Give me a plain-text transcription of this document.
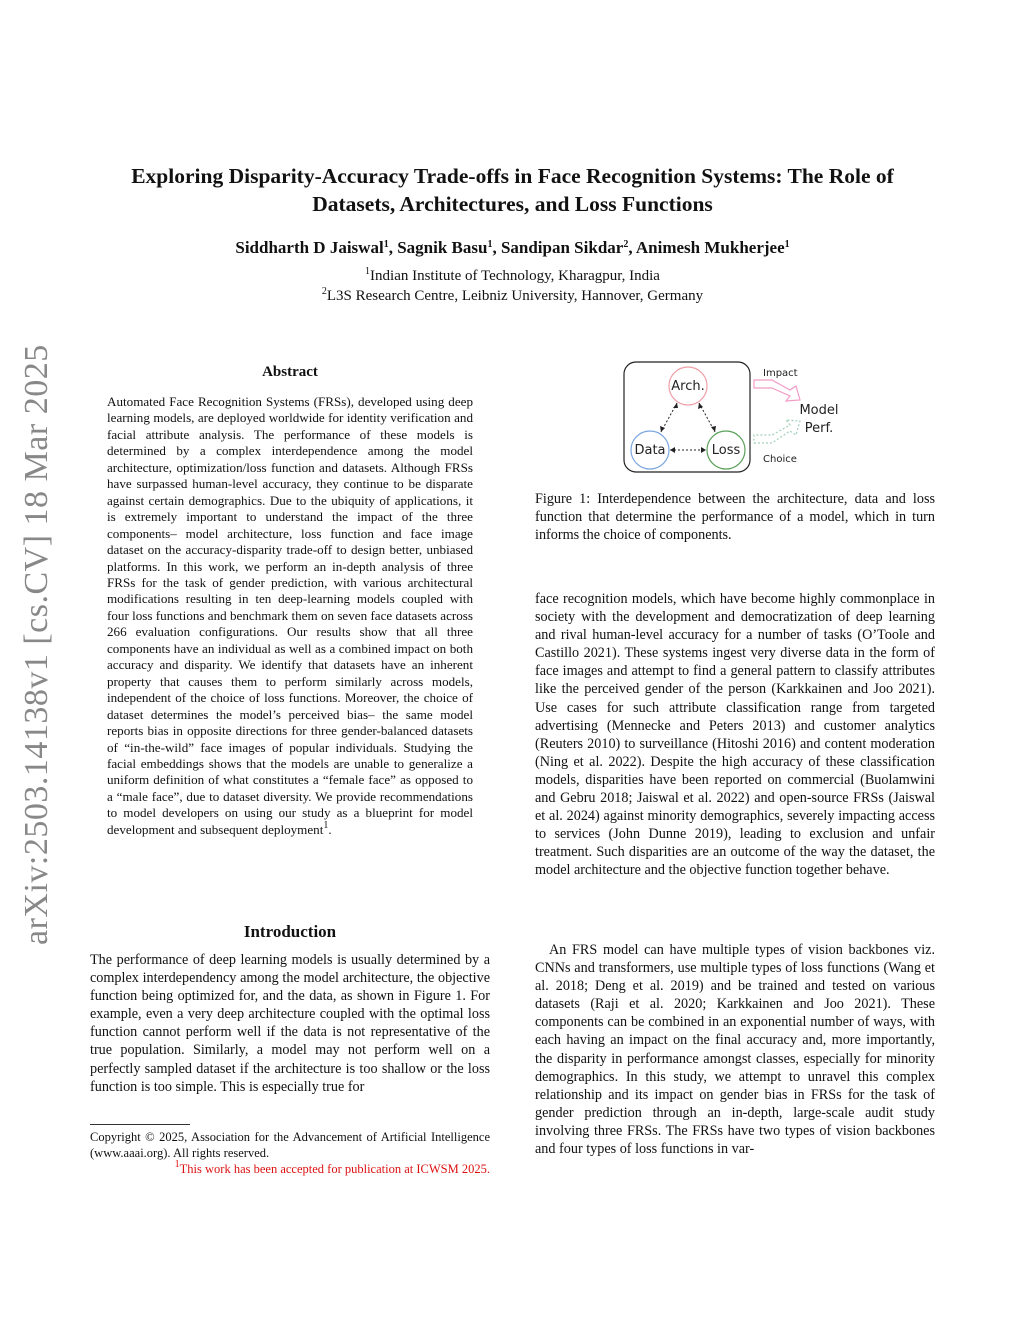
arXiv:2503.14138v1 [cs.CV] 18 Mar 2025
Exploring Disparity-Accuracy Trade-offs in Face Recognition Systems: The Role of Datasets, Architectures, and Loss Functions
Siddharth D Jaiswal$^1$, Sagnik Basu$^1$, Sandipan Sikdar$^2$, Animesh Mukherjee$^1$
$^1$Indian Institute of Technology, Kharagpur, India
$^2$L3S Research Centre, Leibniz University, Hannover, Germany
Abstract

Automated Face Recognition Systems (FRSs), developed using deep learning models, are deployed worldwide for identity verification and facial attribute analysis. The performance of these models is determined by a complex interdependence among the model architecture, optimization/loss function and datasets. Although FRSs have surpassed human-level accuracy, they continue to be disparate against certain demographics. Due to the ubiquity of applications, it is extremely important to understand the impact of the three components– model architecture, loss function and face image dataset on the accuracy-disparity trade-off to design better, unbiased platforms. In this work, we perform an in-depth analysis of three FRSs for the task of gender prediction, with various architectural modifications resulting in ten deep-learning models coupled with four loss functions and benchmark them on seven face datasets across 266 evaluation configurations. Our results show that all three components have an individual as well as a combined impact on both accuracy and disparity. We identify that datasets have an inherent property that causes them to perform similarly across models, independent of the choice of loss functions. Moreover, the choice of dataset determines the model’s perceived bias– the same model reports bias in opposite directions for three gender-balanced datasets of “in-the-wild” face images of popular individuals. Studying the facial embeddings shows that the models are unable to generalize a uniform definition of what constitutes a “female face” as opposed to a “male face”, due to dataset diversity. We provide recommendations to model developers on using our study as a blueprint for model development and subsequent deployment$^1$.

Introduction

The performance of deep learning models is usually determined by a complex interdependency among the model architecture, the objective function being optimized for, and the data, as shown in Figure 1. For example, even a very deep architecture coupled with the optimal loss function cannot perform well if the data is not representative of the true population. Similarly, a model may not perform well on a perfectly sampled dataset if the architecture is too shallow or the loss function is too simple. This is especially true for

Copyright © 2025, Association for the Advancement of Artificial Intelligence (www.aaai.org). All rights reserved.

$^1$This work has been accepted for publication at ICWSM 2025.

Arch.
Data	Loss
Impact
Choice
Model
Perf.

Figure 1: Interdependence between the architecture, data and loss function that determine the performance of a model, which in turn informs the choice of components.

face recognition models, which have become highly commonplace in society with the development and democratization of deep learning and rival human-level accuracy for a number of tasks (O’Toole and Castillo 2021). These systems ingest very diverse data in the form of face images and attempt to find a general pattern to classify attributes like the perceived gender of the person (Karkkainen and Joo 2021). Use cases for such attribute classification range from targeted advertising (Mennecke and Peters 2013) and customer analytics (Reuters 2010) to surveillance (Hitoshi 2016) and content moderation (Ning et al. 2022). Despite the high accuracy of these classification models, disparities have been reported on commercial (Buolamwini and Gebru 2018; Jaiswal et al. 2022) and open-source FRSs (Jaiswal et al. 2024) against minority demographics, severely impacting access to services (John Dunne 2019), leading to exclusion and unfair treatment. Such disparities are an outcome of the way the dataset, the model architecture and the objective function together behave.

An FRS model can have multiple types of vision backbones viz. CNNs and transformers, use multiple types of loss functions (Wang et al. 2018; Deng et al. 2019) and be trained and tested on various datasets (Raji et al. 2020; Karkkainen and Joo 2021). These components can be combined in an exponential number of ways, with each having an impact on the final accuracy and, more importantly, the disparity in performance amongst classes, especially for minority demographics. In this study, we attempt to unravel this complex relationship and its impact on gender bias in FRSs for the task of gender prediction through an in-depth, large-scale audit study involving three FRSs. The FRSs have two types of vision backbones and four types of loss functions in var-
